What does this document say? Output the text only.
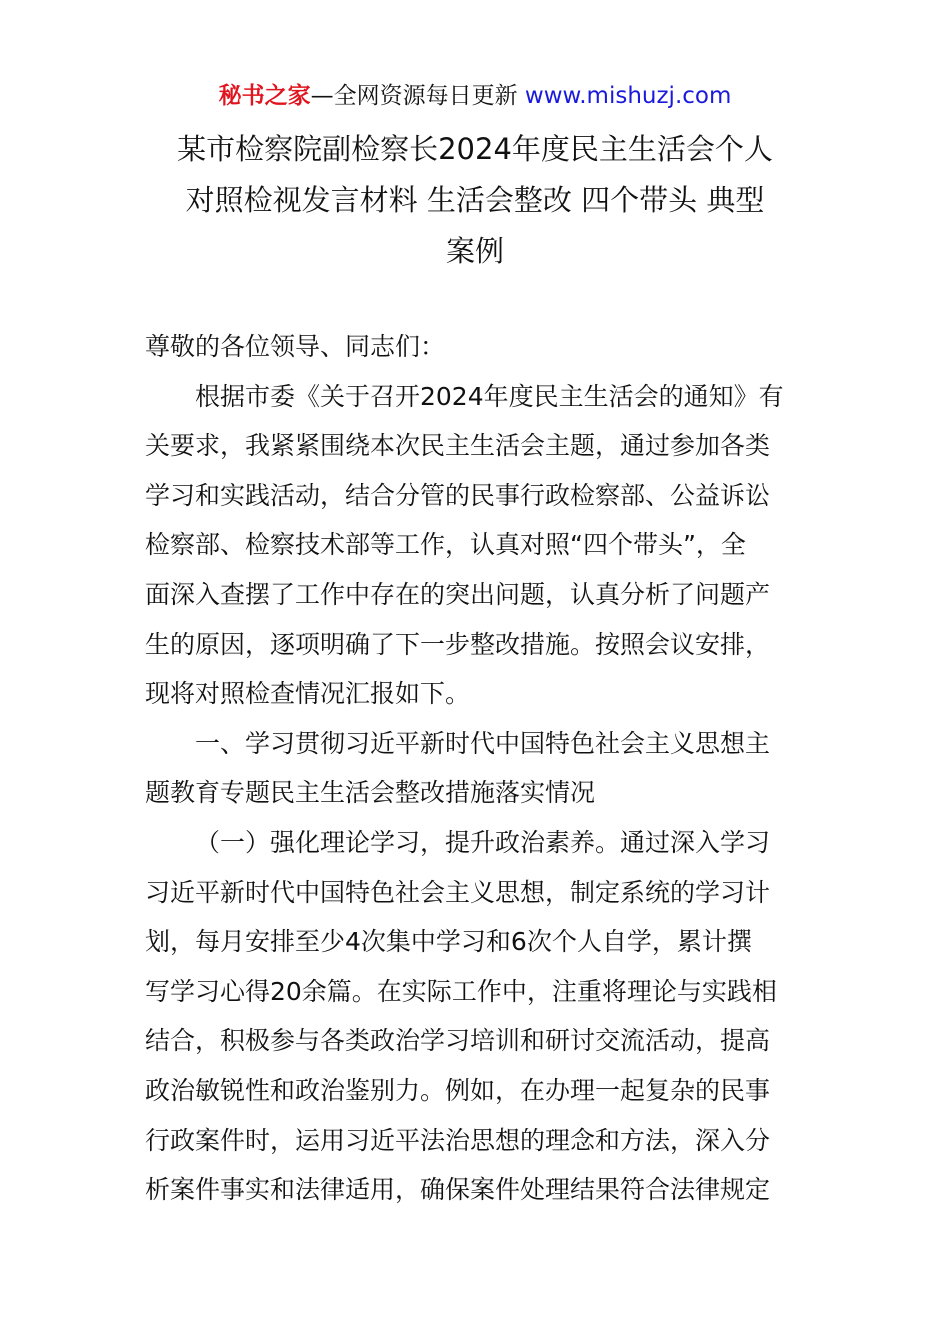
秘书之家—全网资源每日更新 www.mishuzj.com
某市检察院副检察长2024年度民主生活会个人
对照检视发言材料 生活会整改 四个带头 典型
案例
尊敬的各位领导、同志们：
根据市委《关于召开2024年度民主生活会的通知》有
关要求，我紧紧围绕本次民主生活会主题，通过参加各类
学习和实践活动，结合分管的民事行政检察部、公益诉讼
检察部、检察技术部等工作，认真对照“四个带头”，全
面深入查摆了工作中存在的突出问题，认真分析了问题产
生的原因，逐项明确了下一步整改措施。按照会议安排，
现将对照检查情况汇报如下。
一、学习贯彻习近平新时代中国特色社会主义思想主
题教育专题民主生活会整改措施落实情况
（一）强化理论学习，提升政治素养。通过深入学习
习近平新时代中国特色社会主义思想，制定系统的学习计
划，每月安排至少4次集中学习和6次个人自学，累计撰
写学习心得20余篇。在实际工作中，注重将理论与实践相
结合，积极参与各类政治学习培训和研讨交流活动，提高
政治敏锐性和政治鉴别力。例如，在办理一起复杂的民事
行政案件时，运用习近平法治思想的理念和方法，深入分
析案件事实和法律适用，确保案件处理结果符合法律规定
